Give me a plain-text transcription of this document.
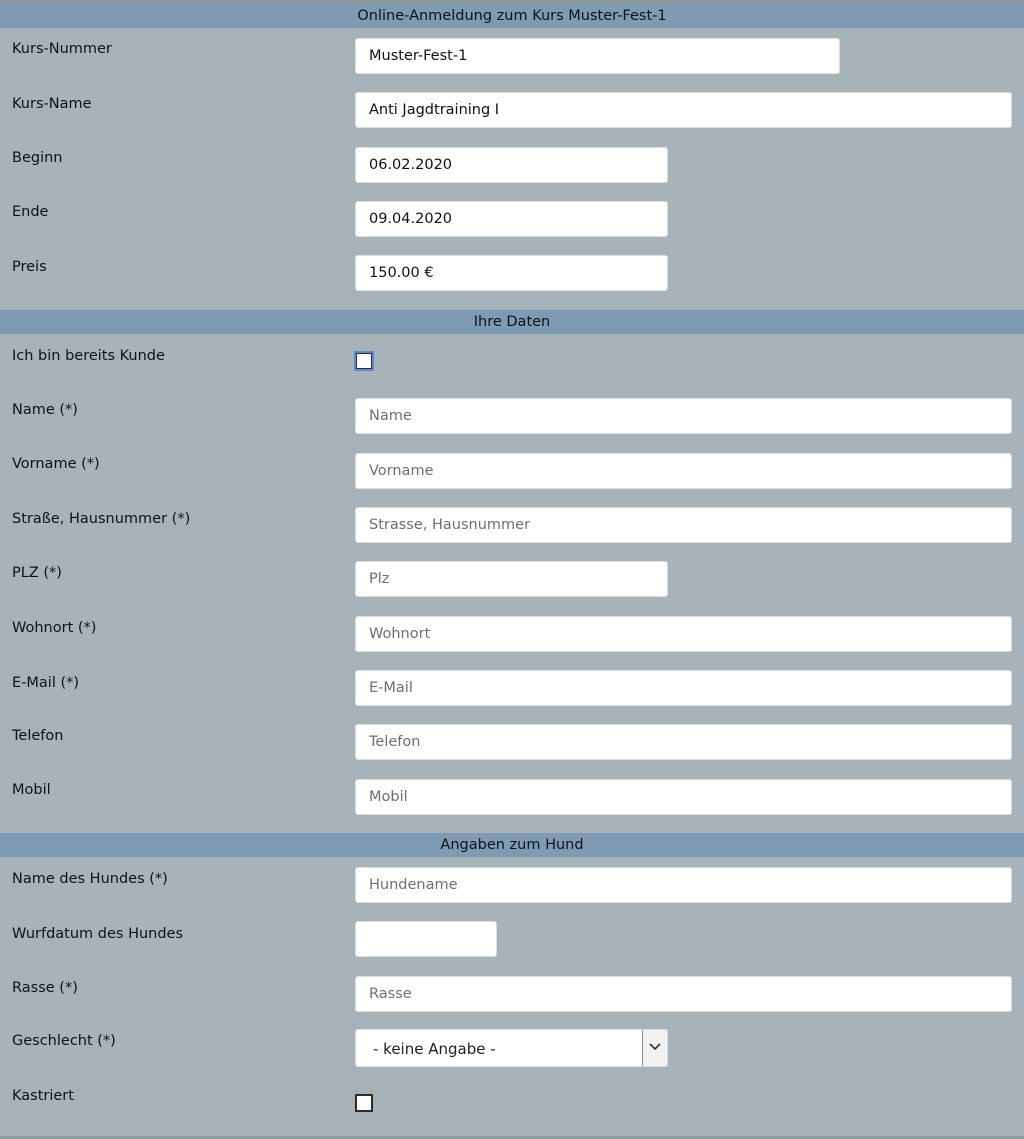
Online-Anmeldung zum Kurs Muster-Fest-1
Kurs-Nummer
Muster-Fest-1
Kurs-Name
Anti Jagdtraining I
Beginn
06.02.2020
Ende
09.04.2020
Preis
150.00 €
Ihre Daten
Ich bin bereits Kunde
Name (*)
Name
Vorname (*)
Vorname
Straße, Hausnummer (*)
Strasse, Hausnummer
PLZ (*)
Plz
Wohnort (*)
Wohnort
E-Mail (*)
E-Mail
Telefon
Telefon
Mobil
Mobil
Angaben zum Hund
Name des Hundes (*)
Hundename
Wurfdatum des Hundes
Rasse (*)
Rasse
Geschlecht (*)	- keine Angabe -
Kastriert
